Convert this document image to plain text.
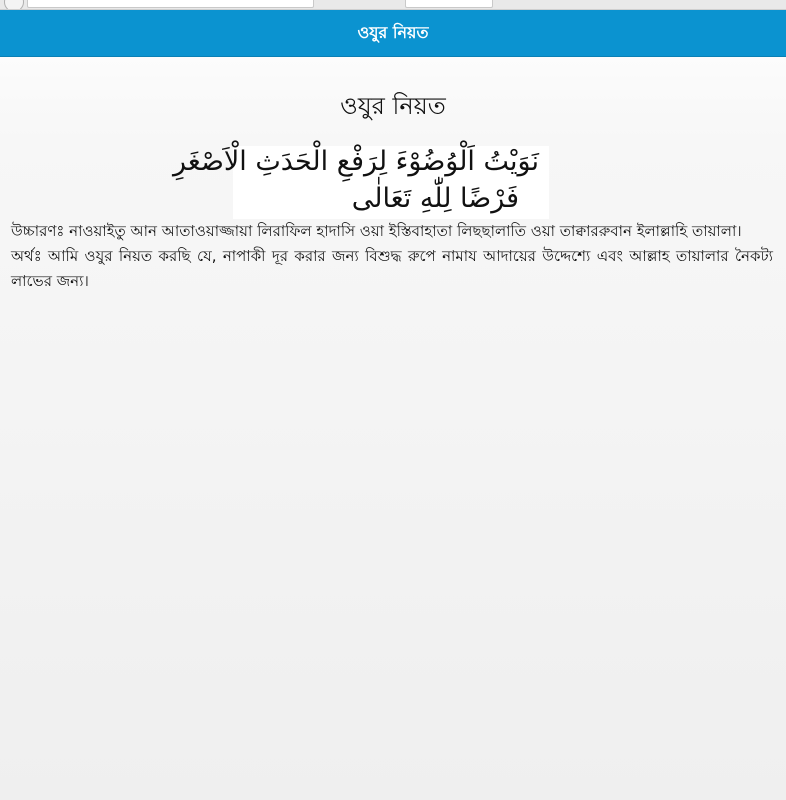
ওযুর নিয়ত
ওযুর নিয়ত
نَوَيْتُ اَلْوُضُوْءَ لِرَفْعِ الْحَدَثِ الْاَصْغَرِ
فَرْضًا لِلّٰهِ تَعَالٰى

উচ্চারণঃ নাওয়াইতু আন আতাওয়াজ্জায়া লিরাফিল হাদাসি ওয়া ইস্তিবাহাতা লিছছালাতি ওয়া তাক্বাররুবান ইলাল্লাহি তায়ালা।

অর্থঃ আমি ওযুর নিয়ত করছি যে, নাপাকী দূর করার জন্য বিশুদ্ধ রুপে নামায আদায়ের উদ্দেশ্যে এবং আল্লাহ তায়ালার নৈকট্য লাভের জন্য।
